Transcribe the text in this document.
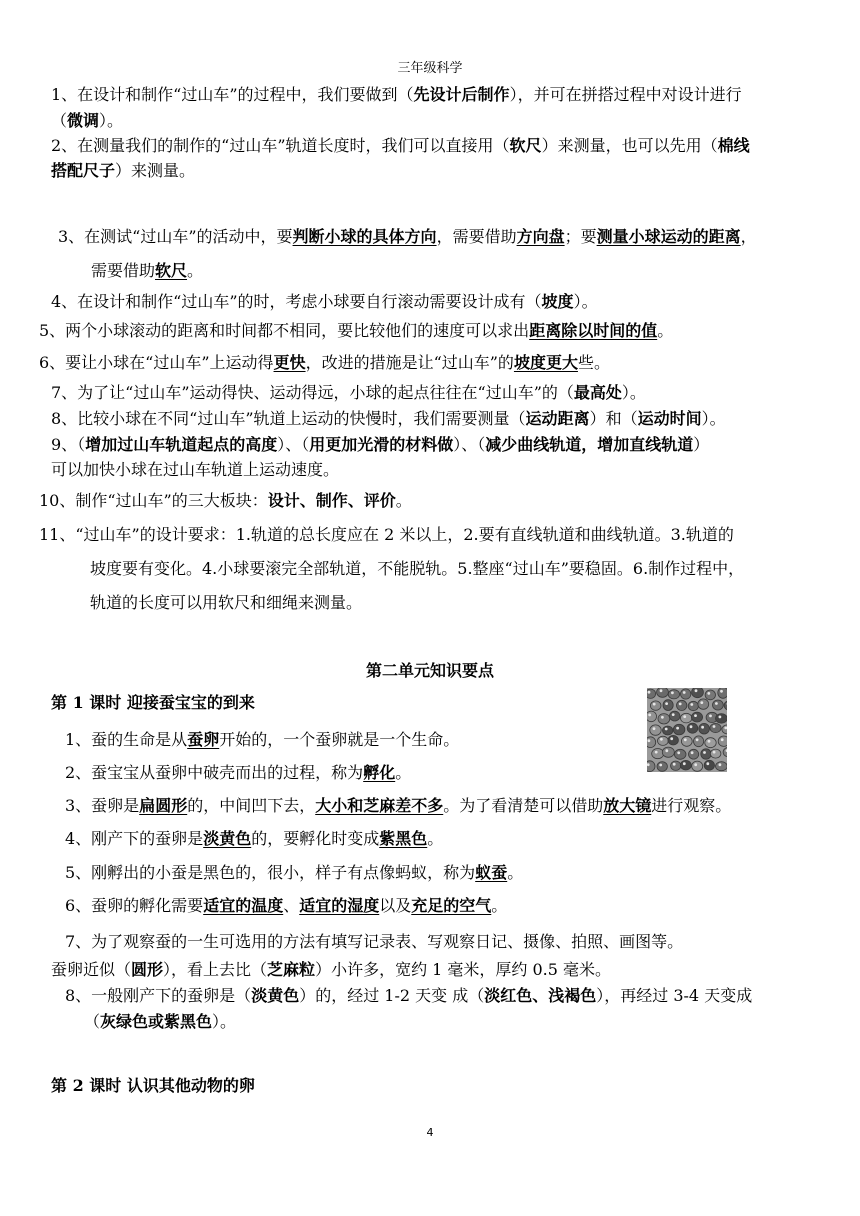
三年级科学
1、在设计和制作“过山车”的过程中，我们要做到（先设计后制作），并可在拼搭过程中对设计进行
（微调）。
2、在测量我们的制作的“过山车”轨道长度时，我们可以直接用（软尺）来测量，也可以先用（棉线
搭配尺子）来测量。
3、在测试“过山车”的活动中，要判断小球的具体方向，需要借助方向盘；要测量小球运动的距离，
需要借助软尺。
4、在设计和制作“过山车”的时，考虑小球要自行滚动需要设计成有（坡度）。
5、两个小球滚动的距离和时间都不相同，要比较他们的速度可以求出距离除以时间的值。
6、要让小球在“过山车”上运动得更快，改进的措施是让“过山车”的坡度更大些。
7、为了让“过山车”运动得快、运动得远，小球的起点往往在“过山车”的（最高处）。
8、比较小球在不同“过山车”轨道上运动的快慢时，我们需要测量（运动距离）和（运动时间）。
9、（增加过山车轨道起点的高度）、（用更加光滑的材料做）、（减少曲线轨道，增加直线轨道）
可以加快小球在过山车轨道上运动速度。
10、制作“过山车”的三大板块：设计、制作、评价。
11、“过山车”的设计要求：1.轨道的总长度应在 2 米以上，2.要有直线轨道和曲线轨道。3.轨道的
坡度要有变化。4.小球要滚完全部轨道，不能脱轨。5.整座“过山车”要稳固。6.制作过程中，
轨道的长度可以用软尺和细绳来测量。
第二单元知识要点
第 1 课时 迎接蚕宝宝的到来
1、蚕的生命是从蚕卵开始的，一个蚕卵就是一个生命。
2、蚕宝宝从蚕卵中破壳而出的过程，称为孵化。
3、蚕卵是扁圆形的，中间凹下去，大小和芝麻差不多。为了看清楚可以借助放大镜进行观察。
4、刚产下的蚕卵是淡黄色的，要孵化时变成紫黑色。
5、刚孵出的小蚕是黑色的，很小，样子有点像蚂蚁，称为蚁蚕。
6、蚕卵的孵化需要适宜的温度、适宜的湿度以及充足的空气。
7、为了观察蚕的一生可选用的方法有填写记录表、写观察日记、摄像、拍照、画图等。
蚕卵近似（圆形），看上去比（芝麻粒）小许多，宽约 1 毫米，厚约 0.5 毫米。
8、一般刚产下的蚕卵是（淡黄色）的，经过 1-2 天变 成（淡红色、浅褐色），再经过 3-4 天变成
（灰绿色或紫黑色）。
第 2 课时 认识其他动物的卵
4
